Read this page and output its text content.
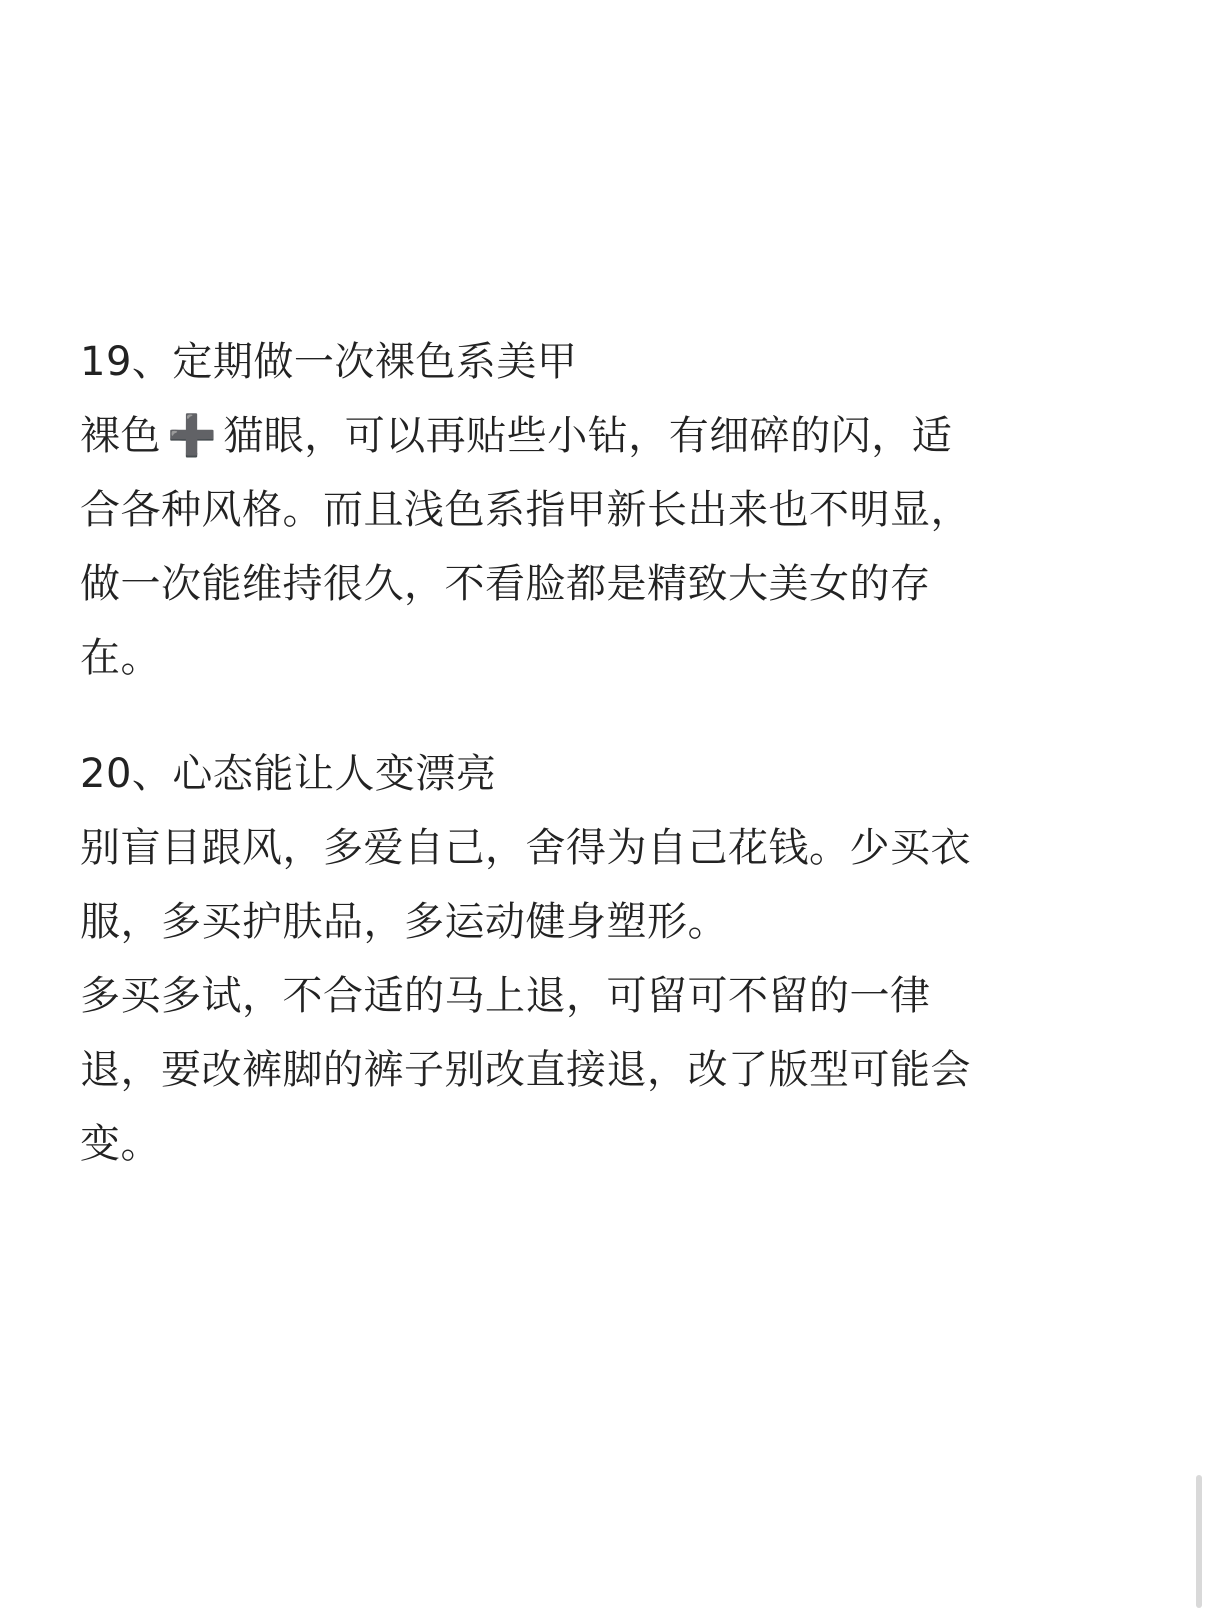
19、定期做一次裸色系美甲
裸色 ➕ 猫眼，可以再贴些小钻，有细碎的闪，适
合各种风格。而且浅色系指甲新长出来也不明显，
做一次能维持很久，不看脸都是精致大美女的存
在。
20、心态能让人变漂亮
别盲目跟风，多爱自己，舍得为自己花钱。少买衣
服，多买护肤品，多运动健身塑形。
多买多试，不合适的马上退，可留可不留的一律
退，要改裤脚的裤子别改直接退，改了版型可能会
变。
